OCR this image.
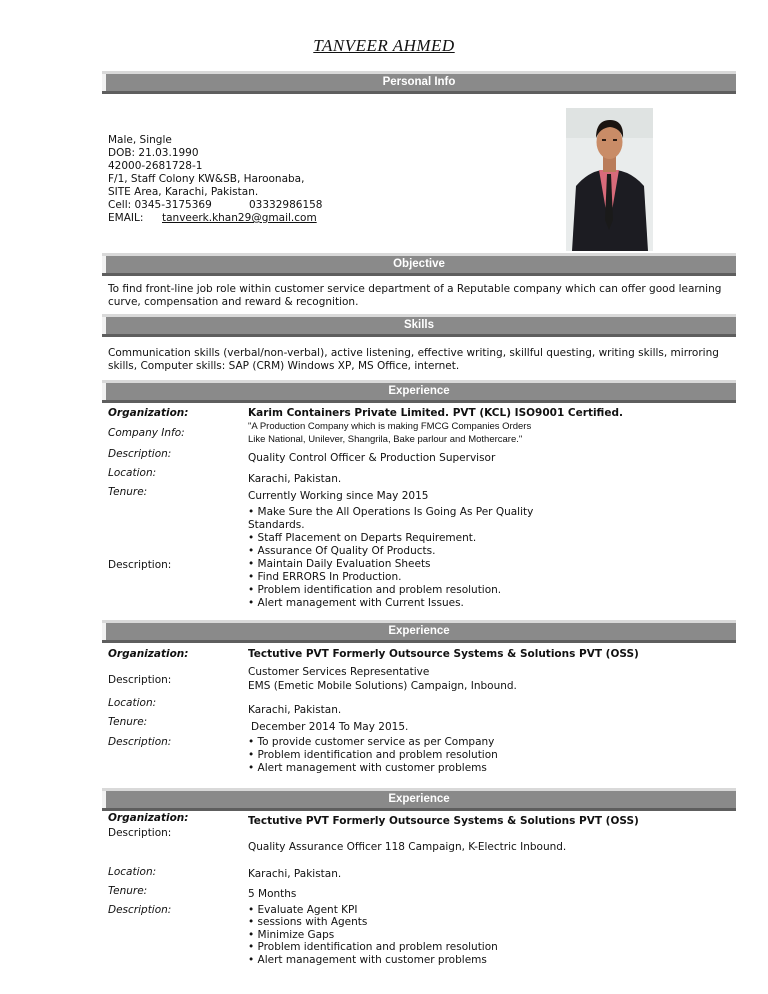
TANVEER AHMED
Personal Info
Male, Single
DOB: 21.03.1990
42000-2681728-1
F/1, Staff Colony KW&SB, Haroonaba,
SITE Area, Karachi, Pakistan.
Cell: 0345-3175369	03332986158
EMAIL: tanveerk.khan29@gmail.com
Objective
To find front-line job role within customer service department of a Reputable company which can offer good learning curve, compensation and reward & recognition.
Skills
Communication skills (verbal/non-verbal), active listening, effective writing, skillful questing, writing skills, mirroring skills, Computer skills: SAP (CRM) Windows XP, MS Office, internet.
Experience
Organization:	Karim Containers Private Limited. PVT (KCL) ISO9001 Certified.
Company Info:
"A Production Company which is making FMCG Companies Orders
Like National, Unilever, Shangrila, Bake parlour and Mothercare."
Description:	Quality Control Officer & Production Supervisor
Location:	Karachi, Pakistan.
Tenure:	Currently Working since May 2015
Description:
• Make Sure the All Operations Is Going As Per Quality
Standards.
• Staff Placement on Departs Requirement.
• Assurance Of Quality Of Products.
• Maintain Daily Evaluation Sheets
• Find ERRORS In Production.
• Problem identification and problem resolution.
• Alert management with Current Issues.
Experience
Organization:	Tectutive PVT Formerly Outsource Systems & Solutions PVT (OSS)
Description:
Customer Services Representative
EMS (Emetic Mobile Solutions) Campaign, Inbound.
Location:
Karachi, Pakistan.
Tenure:	December 2014 To May 2015.
Description:	• To provide customer service as per Company
• Problem identification and problem resolution
• Alert management with customer problems
Experience
Organization:	Tectutive PVT Formerly Outsource Systems & Solutions PVT (OSS)
Description:
Quality Assurance Officer 118 Campaign, K-Electric Inbound.
Location:	Karachi, Pakistan.
Tenure:	5 Months
Description:	• Evaluate Agent KPI
• sessions with Agents
• Minimize Gaps
• Problem identification and problem resolution
• Alert management with customer problems
